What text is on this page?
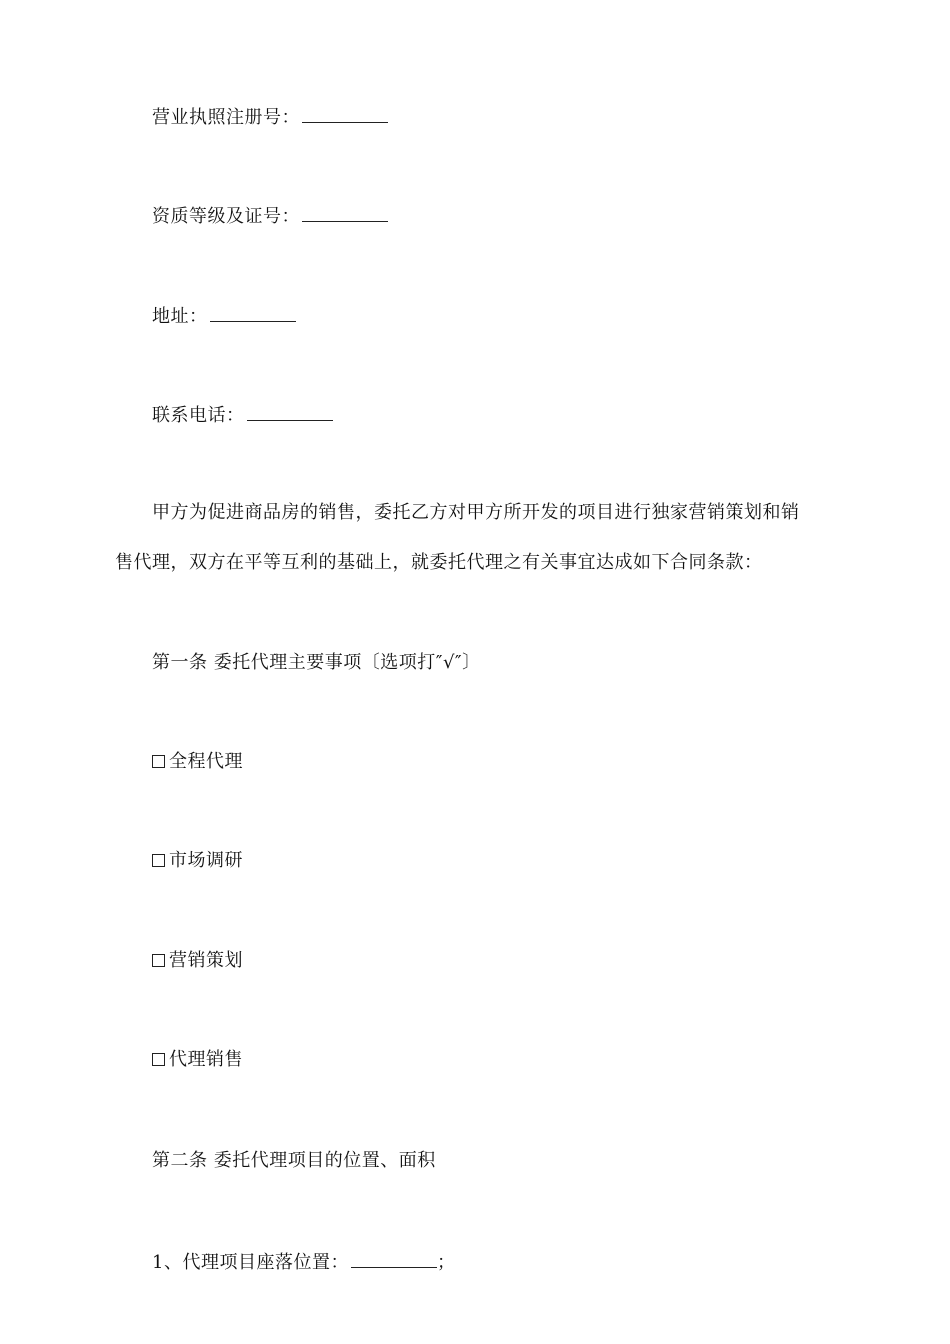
营业执照注册号：
资质等级及证号：
地址：
联系电话：
甲方为促进商品房的销售，委托乙方对甲方所开发的项目进行独家营销策划和销
售代理，双方在平等互利的基础上，就委托代理之有关事宜达成如下合同条款：
第一条 委托代理主要事项〔选项打″√″〕
全程代理
市场调研
营销策划
代理销售
第二条 委托代理项目的位置、面积
1、代理项目座落位置：	；
